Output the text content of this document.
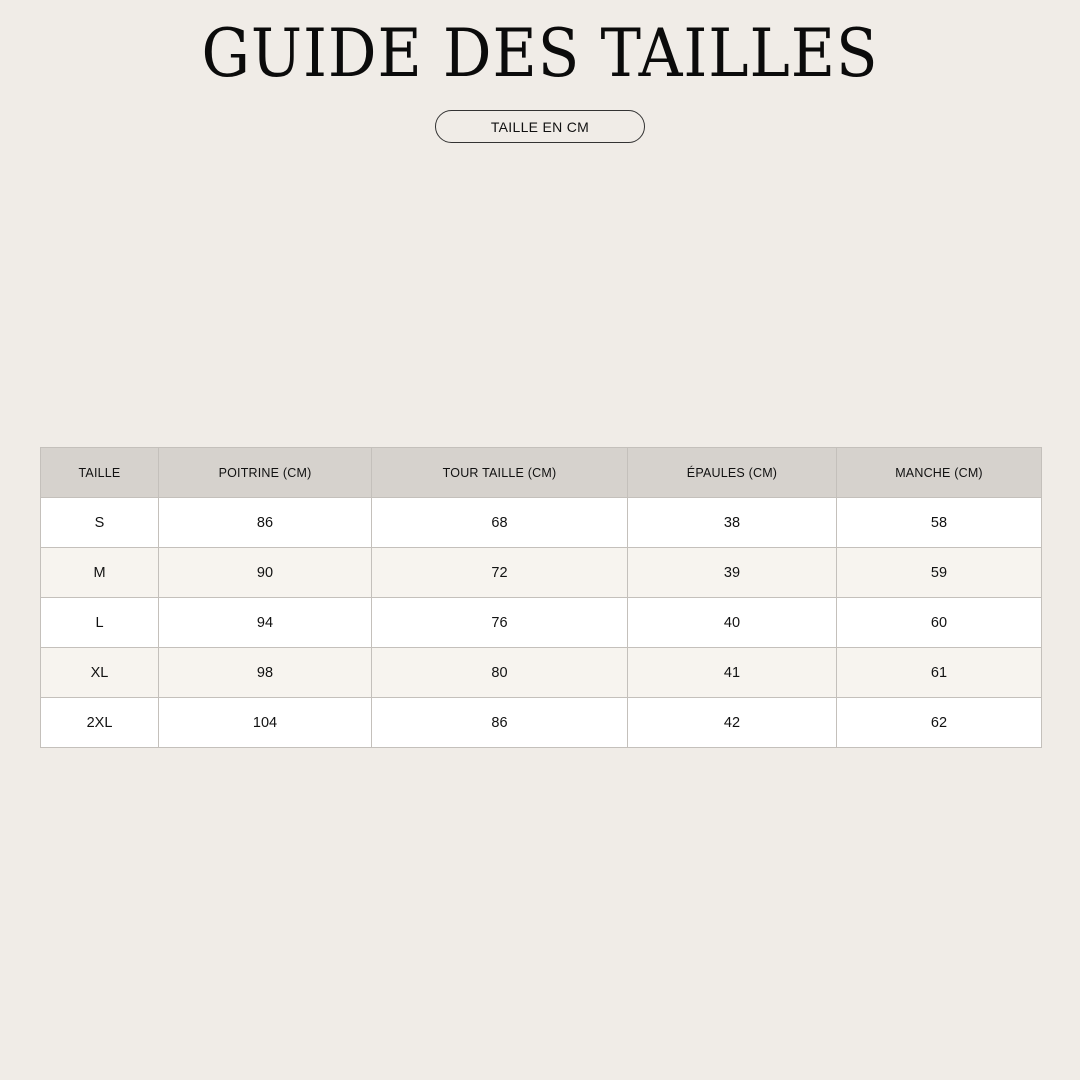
GUIDE DES TAILLES
TAILLE EN CM
TAILLE	POITRINE (CM)	TOUR TAILLE (CM)	ÉPAULES (CM)	MANCHE (CM)
S	86	68	38	58
M	90	72	39	59
L	94	76	40	60
XL	98	80	41	61
2XL	104	86	42	62
